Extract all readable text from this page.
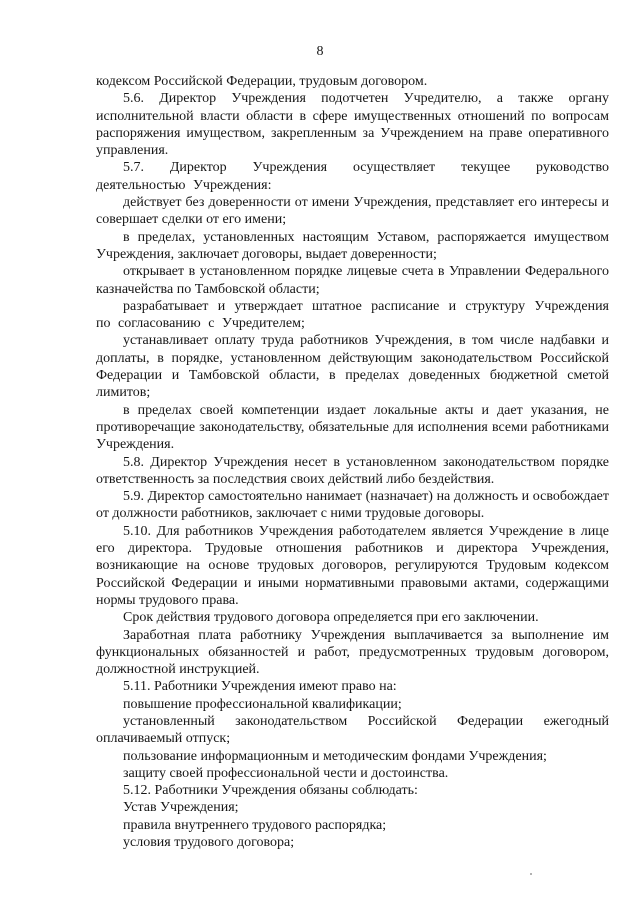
8

кодексом Российской Федерации, трудовым договором.

5.6. Директор Учреждения подотчетен Учредителю, а также органу исполнительной власти области в сфере имущественных отношений по вопросам распоряжения имуществом, закрепленным за Учреждением на праве оперативного управления.

5.7. Директор Учреждения осуществляет текущее руководство деятельностью Учреждения:

действует без доверенности от имени Учреждения, представляет его интересы и совершает сделки от его имени;

в пределах, установленных настоящим Уставом, распоряжается имуществом Учреждения, заключает договоры, выдает доверенности;

открывает в установленном порядке лицевые счета в Управлении Федерального казначейства по Тамбовской области;

разрабатывает и утверждает штатное расписание и структуру Учреждения по согласованию с Учредителем;

устанавливает оплату труда работников Учреждения, в том числе надбавки и доплаты, в порядке, установленном действующим законодательством Российской Федерации и Тамбовской области, в пределах доведенных бюджетной сметой лимитов;

в пределах своей компетенции издает локальные акты и дает указания, не противоречащие законодательству, обязательные для исполнения всеми работниками Учреждения.

5.8. Директор Учреждения несет в установленном законодательством порядке ответственность за последствия своих действий либо бездействия.

5.9. Директор самостоятельно нанимает (назначает) на должность и освобождает от должности работников, заключает с ними трудовые договоры.

5.10. Для работников Учреждения работодателем является Учреждение в лице его директора. Трудовые отношения работников и директора Учреждения, возникающие на основе трудовых договоров, регулируются Трудовым кодексом Российской Федерации и иными нормативными правовыми актами, содержащими нормы трудового права.

Срок действия трудового договора определяется при его заключении.

Заработная плата работнику Учреждения выплачивается за выполнение им функциональных обязанностей и работ, предусмотренных трудовым договором, должностной инструкцией.

5.11. Работники Учреждения имеют право на:

повышение профессиональной квалификации;

установленный законодательством Российской Федерации ежегодный оплачиваемый отпуск;

пользование информационным и методическим фондами Учреждения;

защиту своей профессиональной чести и достоинства.

5.12. Работники Учреждения обязаны соблюдать:

Устав Учреждения;

правила внутреннего трудового распорядка;

условия трудового договора;
